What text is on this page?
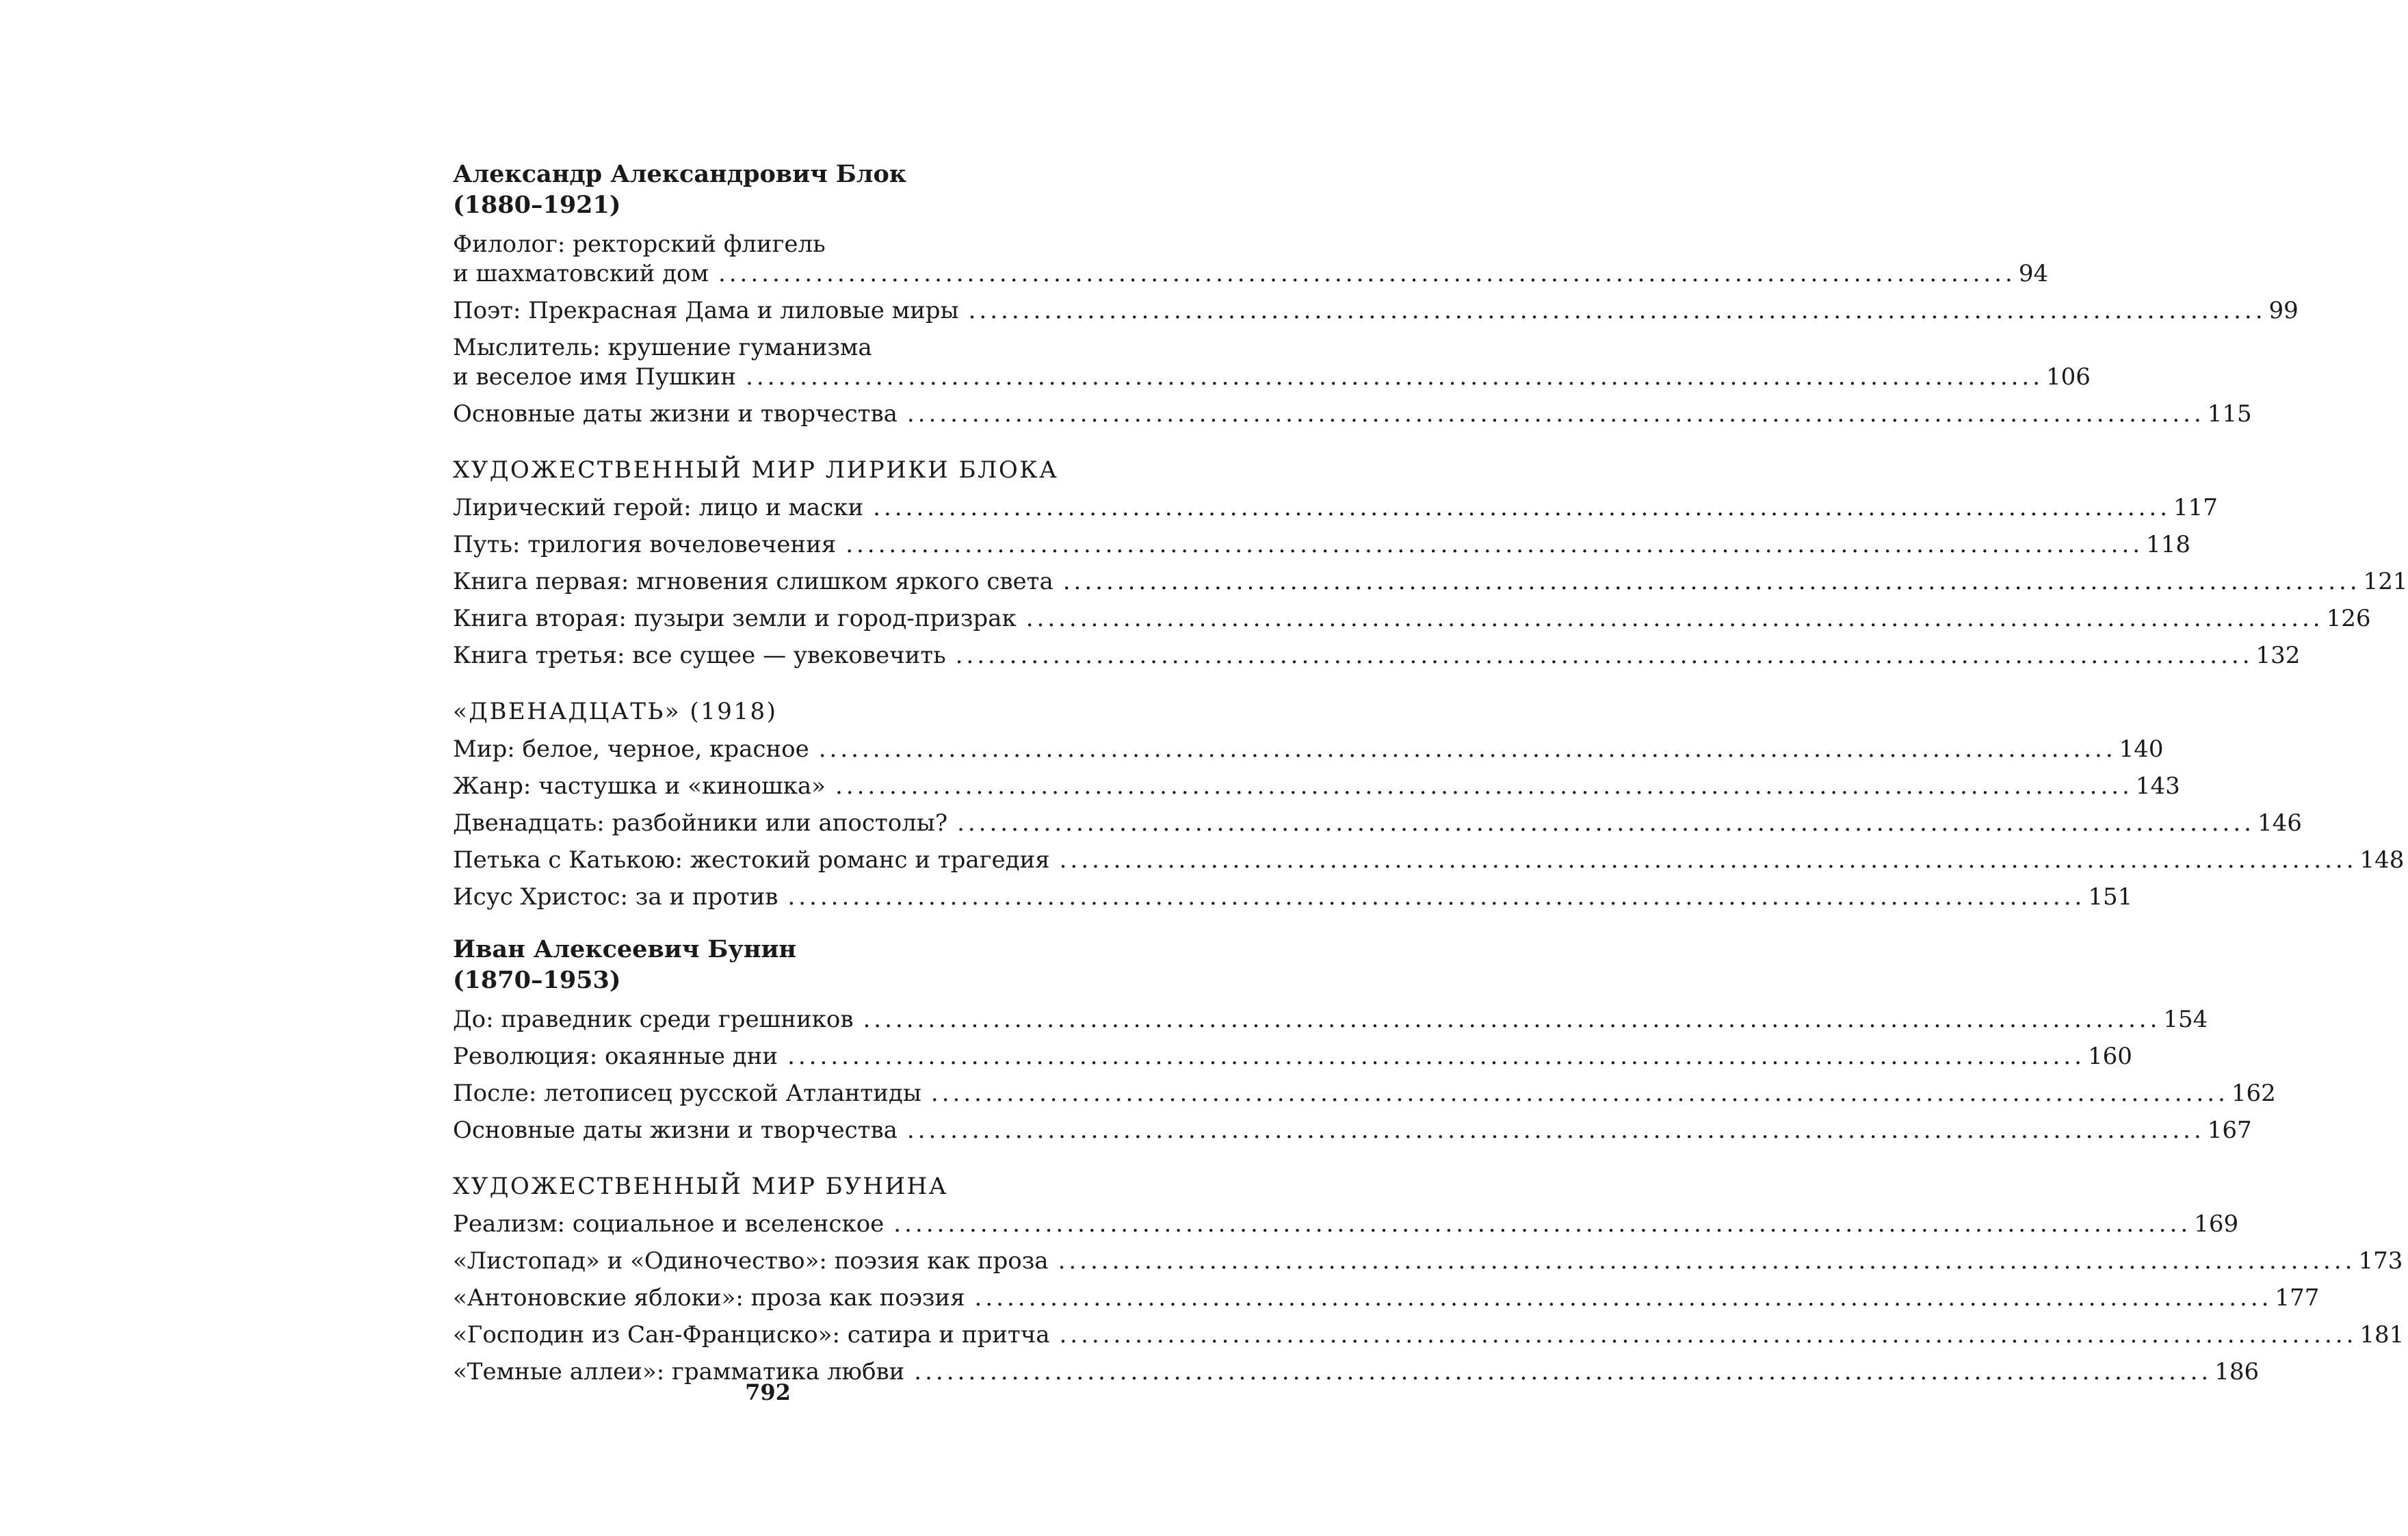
Александр Александрович Блок
(1880–1921)
Филолог: ректорский флигель
и шахматовский дом ........................................................................................................................ 94
Поэт: Прекрасная Дама и лиловые миры ........................................................................................................................ 99
Мыслитель: крушение гуманизма
и веселое имя Пушкин ........................................................................................................................ 106
Основные даты жизни и творчества ........................................................................................................................ 115
ХУДОЖЕСТВЕННЫЙ МИР ЛИРИКИ БЛОКА
Лирический герой: лицо и маски ........................................................................................................................ 117
Путь: трилогия вочеловечения ........................................................................................................................ 118
Книга первая: мгновения слишком яркого света ........................................................................................................................ 121
Книга вторая: пузыри земли и город-призрак ........................................................................................................................ 126
Книга третья: все сущее — увековечить ........................................................................................................................ 132
«ДВЕНАДЦАТЬ» (1918)
Мир: белое, черное, красное ........................................................................................................................ 140
Жанр: частушка и «киношка» ........................................................................................................................ 143
Двенадцать: разбойники или апостолы? ........................................................................................................................ 146
Петька с Катькою: жестокий романс и трагедия ........................................................................................................................ 148
Исус Христос: за и против ........................................................................................................................ 151
Иван Алексеевич Бунин
(1870–1953)
До: праведник среди грешников ........................................................................................................................ 154
Революция: окаянные дни ........................................................................................................................ 160
После: летописец русской Атлантиды ........................................................................................................................ 162
Основные даты жизни и творчества ........................................................................................................................ 167
ХУДОЖЕСТВЕННЫЙ МИР БУНИНА
Реализм: социальное и вселенское ........................................................................................................................ 169
«Листопад» и «Одиночество»: поэзия как проза ........................................................................................................................ 173
«Антоновские яблоки»: проза как поэзия ........................................................................................................................ 177
«Господин из Сан-Франциско»: сатира и притча ........................................................................................................................ 181
«Темные аллеи»: грамматика любви ........................................................................................................................ 186
792
